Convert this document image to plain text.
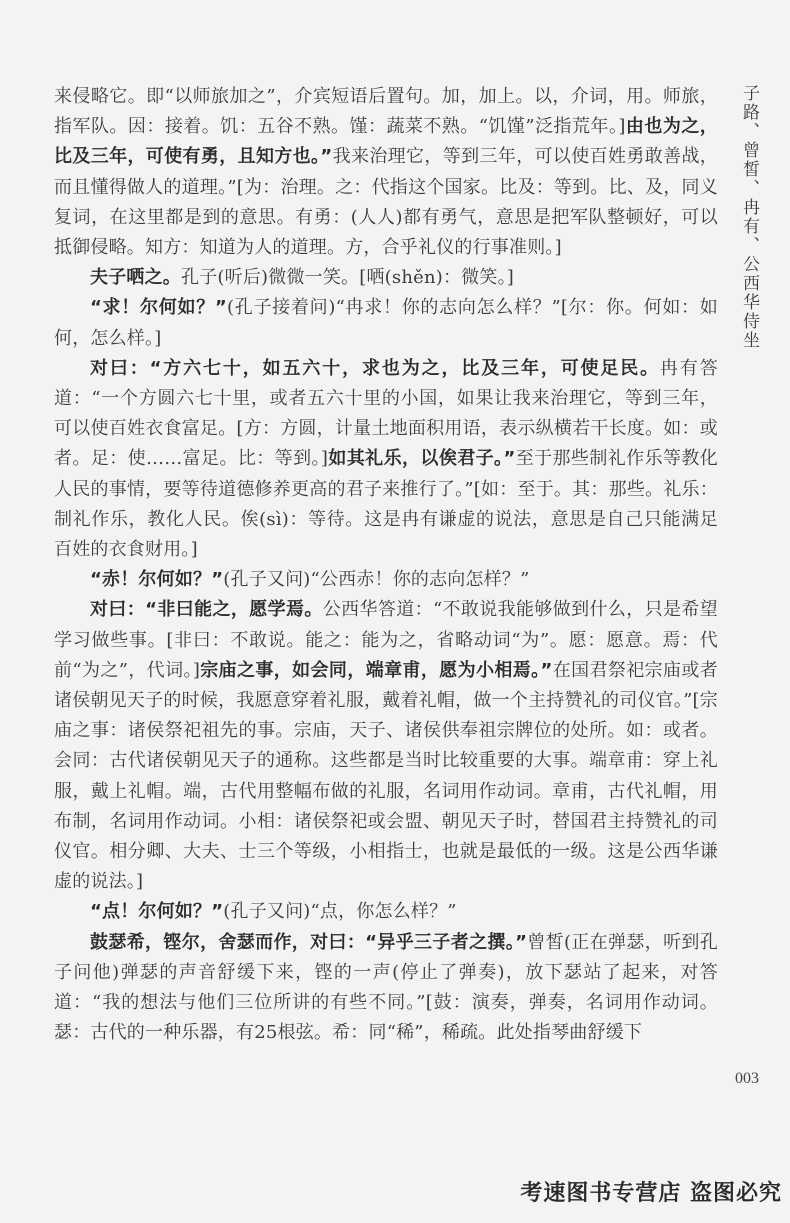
来侵略它。即“以师旅加之”，介宾短语后置句。加，加上。以，介词，用。师旅，指军队。因：接着。饥：五谷不熟。馑：蔬菜不熟。“饥馑”泛指荒年。]由也为之，比及三年，可使有勇，且知方也。”我来治理它，等到三年，可以使百姓勇敢善战，而且懂得做人的道理。”[为：治理。之：代指这个国家。比及：等到。比、及，同义复词，在这里都是到的意思。有勇：(人人)都有勇气，意思是把军队整顿好，可以抵御侵略。知方：知道为人的道理。方，合乎礼仪的行事准则。]

夫子哂之。孔子(听后)微微一笑。[哂(shěn)：微笑。]

“求！尔何如？”(孔子接着问)“冉求！你的志向怎么样？”[尔：你。何如：如何，怎么样。]

对曰：“方六七十，如五六十，求也为之，比及三年，可使足民。冉有答道：“一个方圆六七十里，或者五六十里的小国，如果让我来治理它，等到三年，可以使百姓衣食富足。[方：方圆，计量土地面积用语，表示纵横若干长度。如：或者。足：使……富足。比：等到。]如其礼乐，以俟君子。”至于那些制礼作乐等教化人民的事情，要等待道德修养更高的君子来推行了。”[如：至于。其：那些。礼乐：制礼作乐，教化人民。俟(sì)：等待。这是冉有谦虚的说法，意思是自己只能满足百姓的衣食财用。]

“赤！尔何如？”(孔子又问)“公西赤！你的志向怎样？”

对曰：“非曰能之，愿学焉。公西华答道：“不敢说我能够做到什么，只是希望学习做些事。[非曰：不敢说。能之：能为之，省略动词“为”。愿：愿意。焉：代前“为之”，代词。]宗庙之事，如会同，端章甫，愿为小相焉。”在国君祭祀宗庙或者诸侯朝见天子的时候，我愿意穿着礼服，戴着礼帽，做一个主持赞礼的司仪官。”[宗庙之事：诸侯祭祀祖先的事。宗庙，天子、诸侯供奉祖宗牌位的处所。如：或者。会同：古代诸侯朝见天子的通称。这些都是当时比较重要的大事。端章甫：穿上礼服，戴上礼帽。端，古代用整幅布做的礼服，名词用作动词。章甫，古代礼帽，用布制，名词用作动词。小相：诸侯祭祀或会盟、朝见天子时，替国君主持赞礼的司仪官。相分卿、大夫、士三个等级，小相指士，也就是最低的一级。这是公西华谦虚的说法。]

“点！尔何如？”(孔子又问)“点，你怎么样？”

鼓瑟希，铿尔，舍瑟而作，对曰：“异乎三子者之撰。”曾皙(正在弹瑟，听到孔子问他)弹瑟的声音舒缓下来，铿的一声(停止了弹奏)，放下瑟站了起来，对答道：“我的想法与他们三位所讲的有些不同。”[鼓：演奏，弹奏，名词用作动词。瑟：古代的一种乐器，有25根弦。希：同“稀”，稀疏。此处指琴曲舒缓下

子路、曾皙、冉有、公西华侍坐
003
考速图书专营店 盗图必究
